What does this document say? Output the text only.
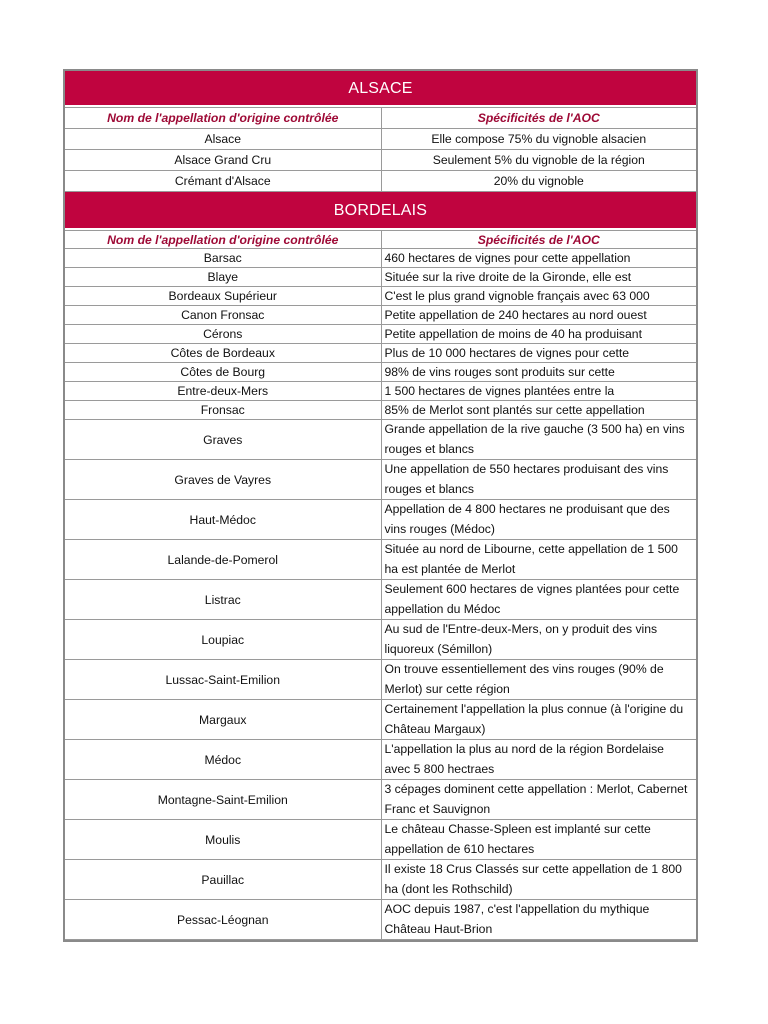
ALSACE
Nom de l'appellation d'origine contrôlée	Spécificités de l'AOC
Alsace	Elle compose 75% du vignoble alsacien
Alsace Grand Cru	Seulement 5% du vignoble de la région
Crémant d'Alsace	20% du vignoble
BORDELAIS
Nom de l'appellation d'origine contrôlée	Spécificités de l'AOC
Barsac	460 hectares de vignes pour cette appellation
Blaye	Située sur la rive droite de la Gironde, elle est
Bordeaux Supérieur	C'est le plus grand vignoble français avec 63 000
Canon Fronsac	Petite appellation de 240 hectares au nord ouest
Cérons	Petite appellation de moins de 40 ha produisant
Côtes de Bordeaux	Plus de 10 000 hectares de vignes pour cette
Côtes de Bourg	98% de vins rouges sont produits sur cette
Entre-deux-Mers	1 500 hectares de vignes plantées entre la
Fronsac	85% de Merlot sont plantés sur cette appellation
Graves	Grande appellation de la rive gauche (3 500 ha) en vins rouges et blancs
Graves de Vayres	Une appellation de 550 hectares produisant des vins rouges et blancs
Haut-Médoc	Appellation de 4 800 hectares ne produisant que des vins rouges (Médoc)
Lalande-de-Pomerol	Située au nord de Libourne, cette appellation de 1 500 ha est plantée de Merlot
Listrac	Seulement 600 hectares de vignes plantées pour cette appellation du Médoc
Loupiac	Au sud de l'Entre-deux-Mers, on y produit des vins liquoreux (Sémillon)
Lussac-Saint-Emilion	On trouve essentiellement des vins rouges (90% de Merlot) sur cette région
Margaux	Certainement l'appellation la plus connue (à l'origine du Château Margaux)
Médoc	L'appellation la plus au nord de la région Bordelaise avec 5 800 hectraes
Montagne-Saint-Emilion	3 cépages dominent cette appellation : Merlot, Cabernet Franc et Sauvignon
Moulis	Le château Chasse-Spleen est implanté sur cette appellation de 610 hectares
Pauillac	Il existe 18 Crus Classés sur cette appellation de 1 800 ha (dont les Rothschild)
Pessac-Léognan	AOC depuis 1987, c'est l'appellation du mythique Château Haut-Brion
